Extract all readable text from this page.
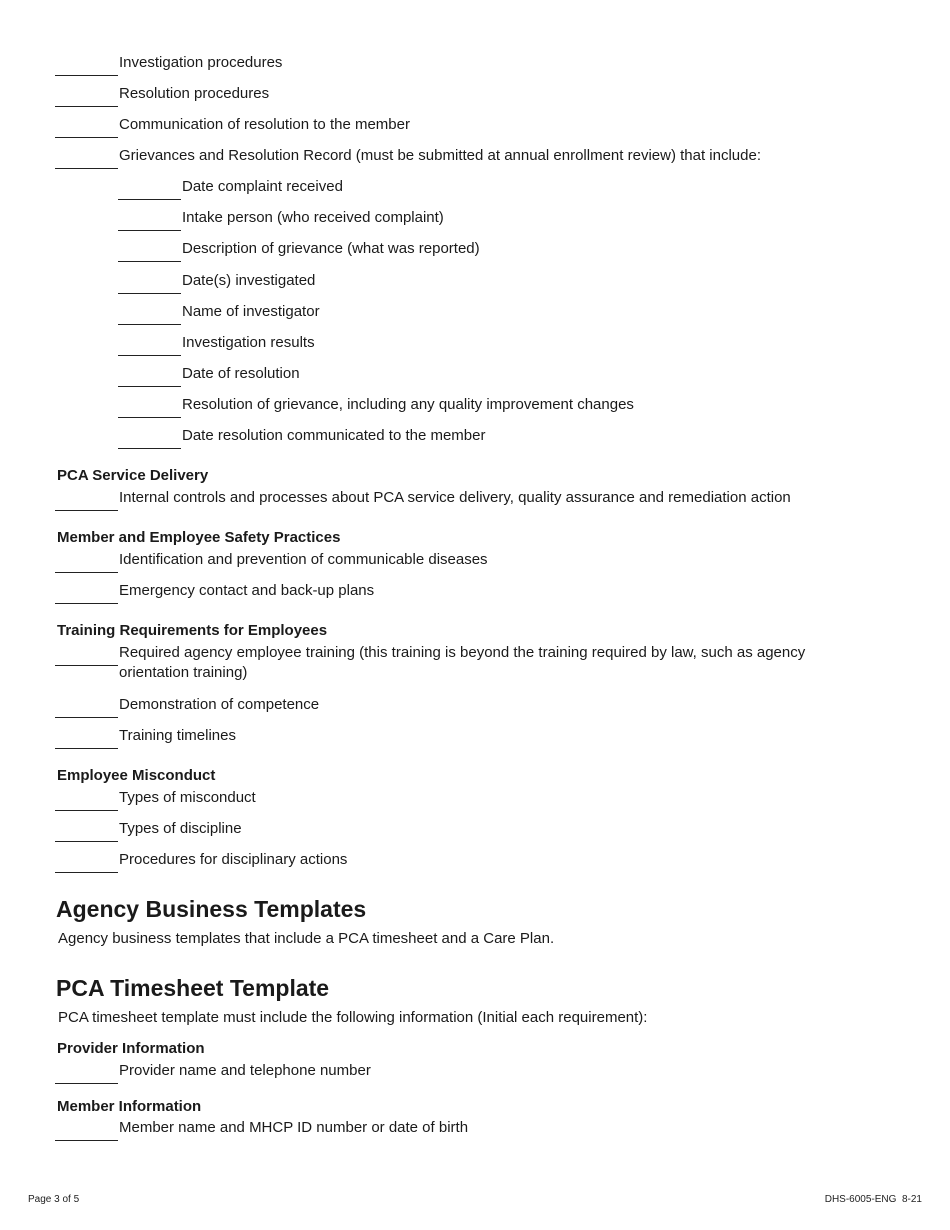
Investigation procedures
Resolution procedures
Communication of resolution to the member
Grievances and Resolution Record (must be submitted at annual enrollment review) that include:
Date complaint received
Intake person (who received complaint)
Description of grievance (what was reported)
Date(s) investigated
Name of investigator
Investigation results
Date of resolution
Resolution of grievance, including any quality improvement changes
Date resolution communicated to the member
PCA Service Delivery
Internal controls and processes about PCA service delivery, quality assurance and remediation action
Member and Employee Safety Practices
Identification and prevention of communicable diseases
Emergency contact and back-up plans
Training Requirements for Employees
Required agency employee training (this training is beyond the training required by law, such as agency orientation training)
Demonstration of competence
Training timelines
Employee Misconduct
Types of misconduct
Types of discipline
Procedures for disciplinary actions
Agency Business Templates
Agency business templates that include a PCA timesheet and a Care Plan.
PCA Timesheet Template
PCA timesheet template must include the following information (Initial each requirement):
Provider Information
Provider name and telephone number
Member Information
Member name and MHCP ID number or date of birth
Page 3 of 5	DHS-6005-ENG  8-21
